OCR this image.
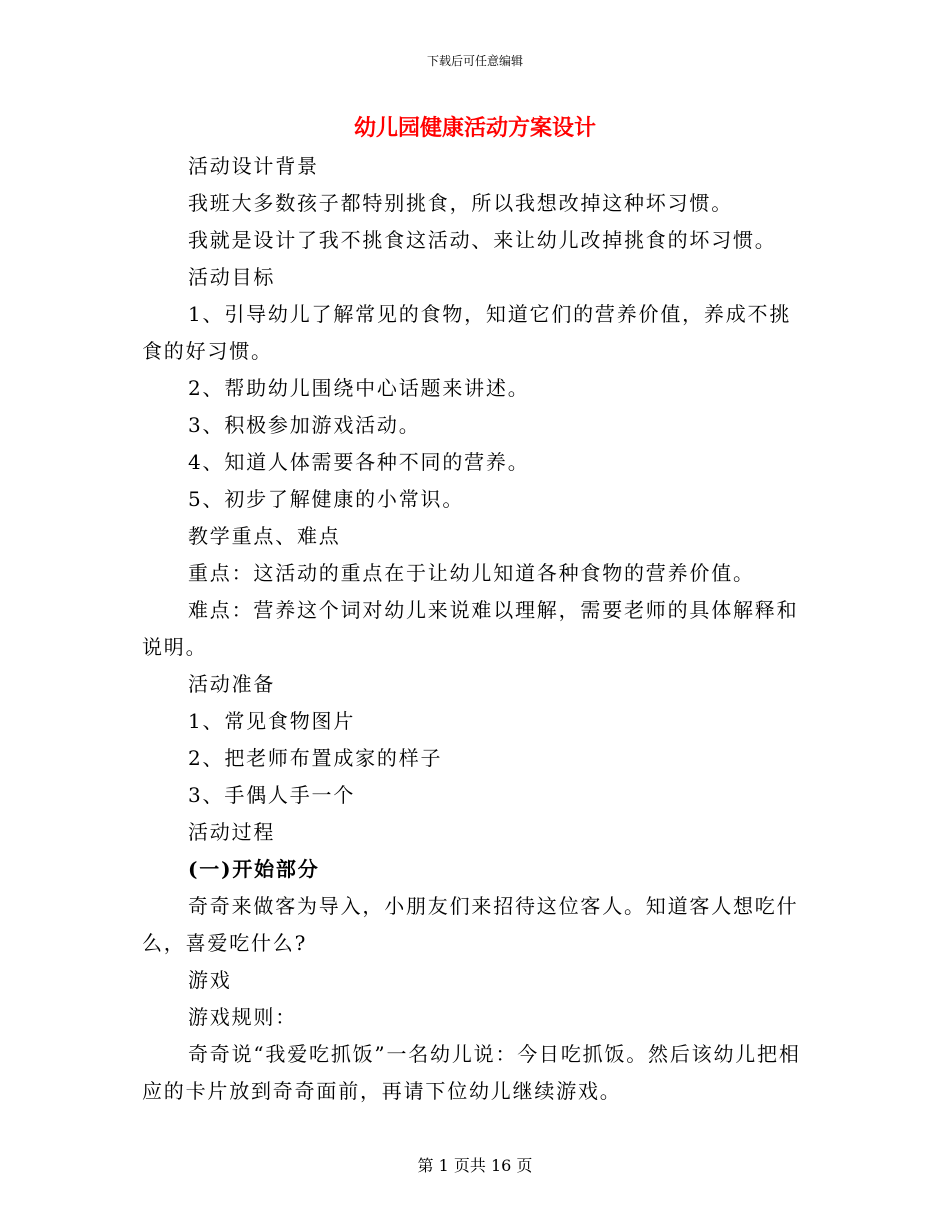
下载后可任意编辑
幼儿园健康活动方案设计

活动设计背景

我班大多数孩子都特别挑食，所以我想改掉这种坏习惯。

我就是设计了我不挑食这活动、来让幼儿改掉挑食的坏习惯。

活动目标

1、引导幼儿了解常见的食物，知道它们的营养价值，养成不挑食的好习惯。

2、帮助幼儿围绕中心话题来讲述。

3、积极参加游戏活动。

4、知道人体需要各种不同的营养。

5、初步了解健康的小常识。

教学重点、难点

重点：这活动的重点在于让幼儿知道各种食物的营养价值。

难点：营养这个词对幼儿来说难以理解，需要老师的具体解释和说明。

活动准备

1、常见食物图片

2、把老师布置成家的样子

3、手偶人手一个

活动过程

(一)开始部分

奇奇来做客为导入，小朋友们来招待这位客人。知道客人想吃什么，喜爱吃什么?

游戏

游戏规则：

奇奇说“我爱吃抓饭”一名幼儿说：今日吃抓饭。然后该幼儿把相应的卡片放到奇奇面前，再请下位幼儿继续游戏。

第 1 页共 16 页
